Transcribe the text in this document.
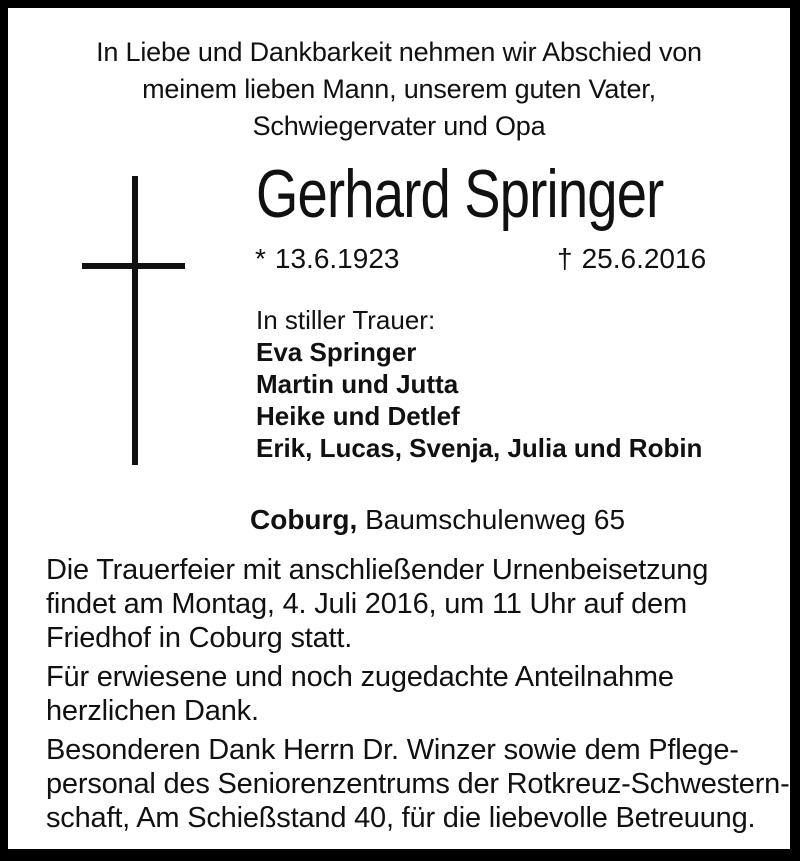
In Liebe und Dankbarkeit nehmen wir Abschied von
meinem lieben Mann, unserem guten Vater,
Schwiegervater und Opa
Gerhard Springer
* 13.6.1923	† 25.6.2016
In stiller Trauer:
Eva Springer
Martin und Jutta
Heike und Detlef
Erik, Lucas, Svenja, Julia und Robin
Coburg, Baumschulenweg 65
Die Trauerfeier mit anschließender Urnenbeisetzung
findet am Montag, 4. Juli 2016, um 11 Uhr auf dem
Friedhof in Coburg statt.
Für erwiesene und noch zugedachte Anteilnahme
herzlichen Dank.
Besonderen Dank Herrn Dr. Winzer sowie dem Pflege-
personal des Seniorenzentrums der Rotkreuz-Schwestern-
schaft, Am Schießstand 40, für die liebevolle Betreuung.
